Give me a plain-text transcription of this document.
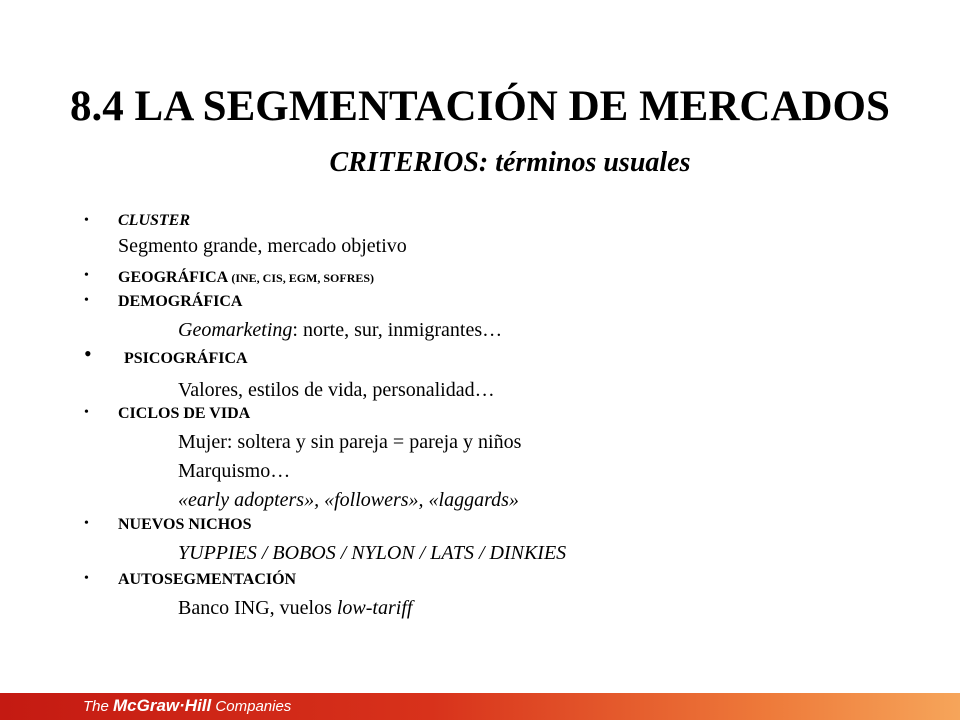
8.4 LA SEGMENTACIÓN DE MERCADOS
CRITERIOS: términos usuales
• CLUSTER
Segmento grande, mercado objetivo
• GEOGRÁFICA (INE, CIS, EGM, SOFRES)
• DEMOGRÁFICA
Geomarketing: norte, sur, inmigrantes…
• PSICOGRÁFICA
Valores, estilos de vida, personalidad…
• CICLOS DE VIDA
Mujer: soltera y sin pareja = pareja y niños
Marquismo…
«early adopters», «followers», «laggards»
• NUEVOS NICHOS
YUPPIES / BOBOS / NYLON / LATS / DINKIES
• AUTOSEGMENTACIÓN
Banco ING, vuelos low-tariff
The McGraw·Hill Companies
